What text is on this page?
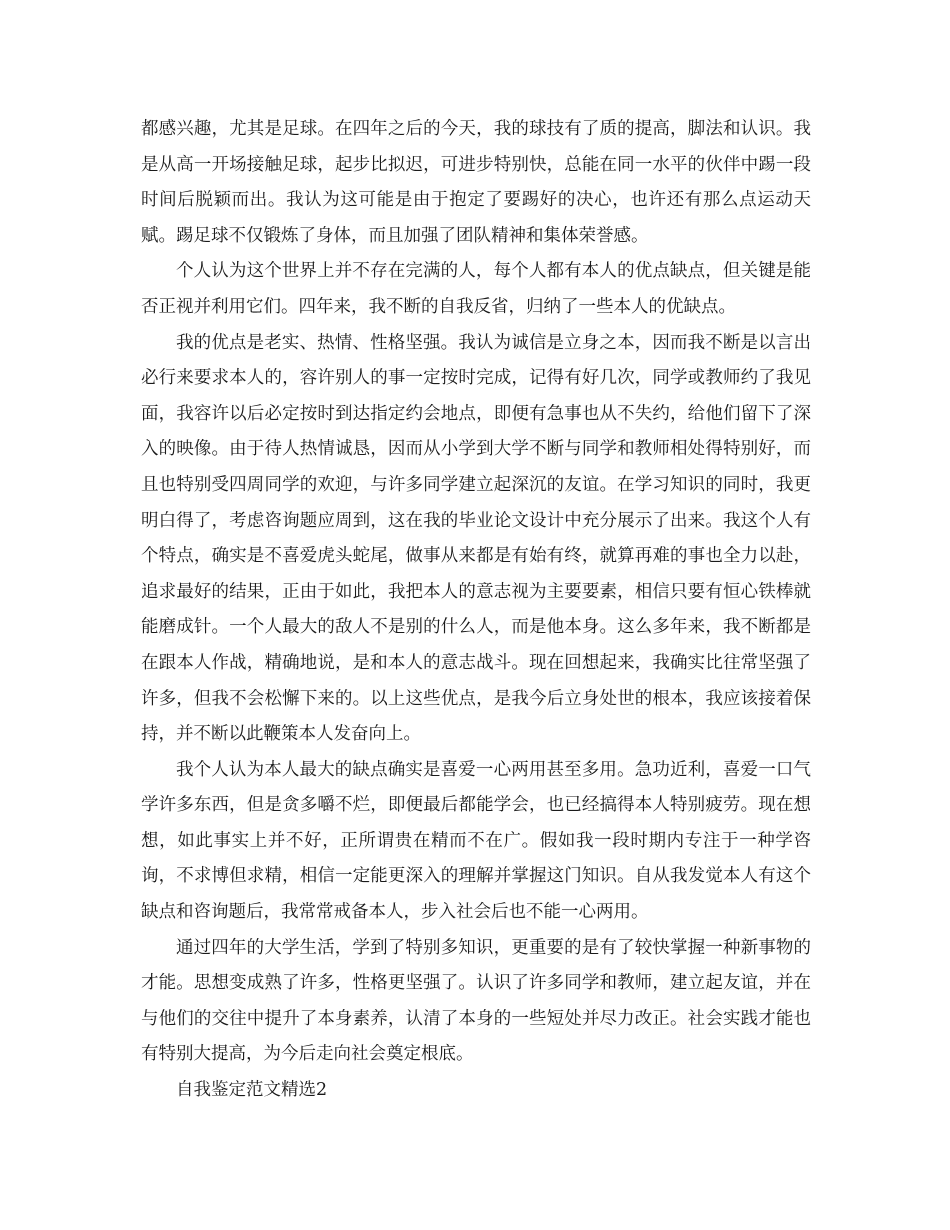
都感兴趣，尤其是足球。在四年之后的今天，我的球技有了质的提高，脚法和认识。我是从高一开场接触足球，起步比拟迟，可进步特别快，总能在同一水平的伙伴中踢一段时间后脱颖而出。我认为这可能是由于抱定了要踢好的决心，也许还有那么点运动天赋。踢足球不仅锻炼了身体，而且加强了团队精神和集体荣誉感。

个人认为这个世界上并不存在完满的人，每个人都有本人的优点缺点，但关键是能否正视并利用它们。四年来，我不断的自我反省，归纳了一些本人的优缺点。

我的优点是老实、热情、性格坚强。我认为诚信是立身之本，因而我不断是以言出必行来要求本人的，容许别人的事一定按时完成，记得有好几次，同学或教师约了我见面，我容许以后必定按时到达指定约会地点，即便有急事也从不失约，给他们留下了深入的映像。由于待人热情诚恳，因而从小学到大学不断与同学和教师相处得特别好，而且也特别受四周同学的欢迎，与许多同学建立起深沉的友谊。在学习知识的同时，我更明白得了，考虑咨询题应周到，这在我的毕业论文设计中充分展示了出来。我这个人有个特点，确实是不喜爱虎头蛇尾，做事从来都是有始有终，就算再难的事也全力以赴，追求最好的结果，正由于如此，我把本人的意志视为主要要素，相信只要有恒心铁棒就能磨成针。一个人最大的敌人不是别的什么人，而是他本身。这么多年来，我不断都是在跟本人作战，精确地说，是和本人的意志战斗。现在回想起来，我确实比往常坚强了许多，但我不会松懈下来的。以上这些优点，是我今后立身处世的根本，我应该接着保持，并不断以此鞭策本人发奋向上。

我个人认为本人最大的缺点确实是喜爱一心两用甚至多用。急功近利，喜爱一口气学许多东西，但是贪多嚼不烂，即便最后都能学会，也已经搞得本人特别疲劳。现在想想，如此事实上并不好，正所谓贵在精而不在广。假如我一段时期内专注于一种学咨询，不求博但求精，相信一定能更深入的理解并掌握这门知识。自从我发觉本人有这个缺点和咨询题后，我常常戒备本人，步入社会后也不能一心两用。

通过四年的大学生活，学到了特别多知识，更重要的是有了较快掌握一种新事物的才能。思想变成熟了许多，性格更坚强了。认识了许多同学和教师，建立起友谊，并在与他们的交往中提升了本身素养，认清了本身的一些短处并尽力改正。社会实践才能也有特别大提高，为今后走向社会奠定根底。

自我鉴定范文精选2
